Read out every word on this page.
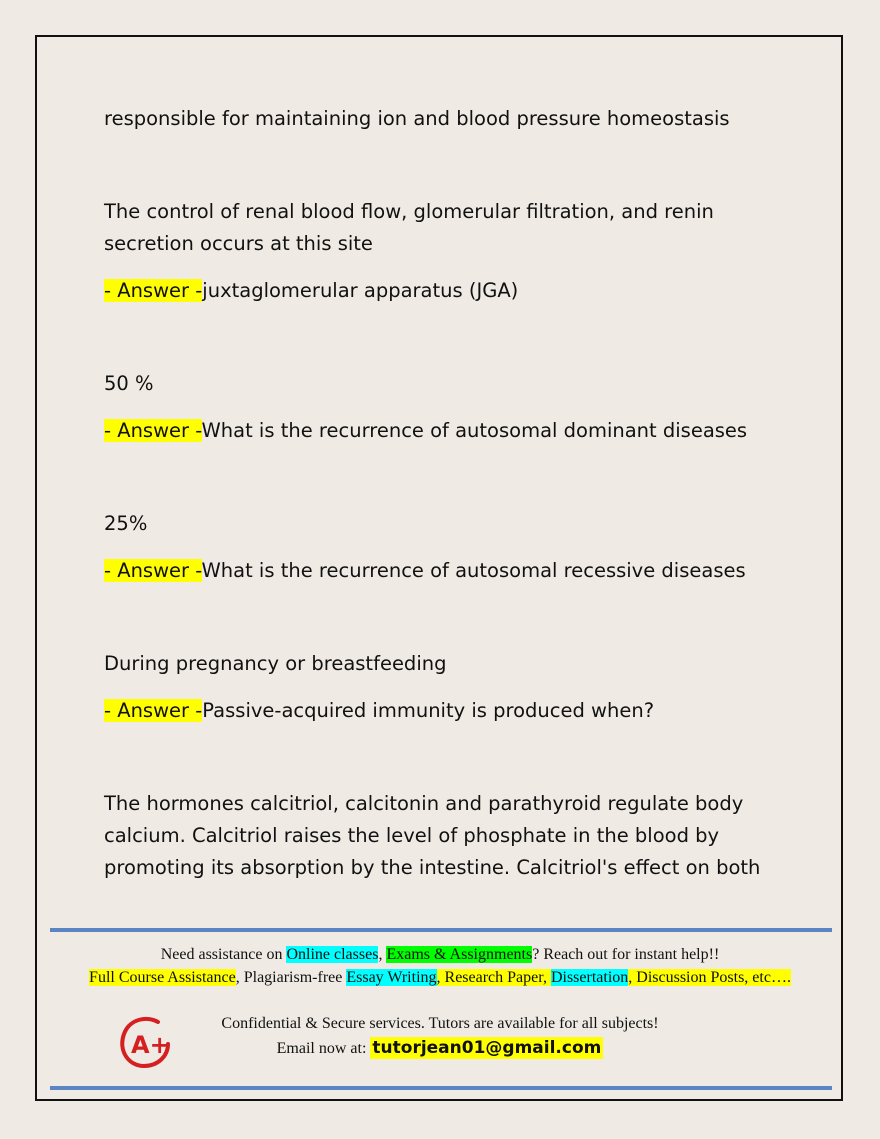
responsible for maintaining ion and blood pressure homeostasis
The control of renal blood flow, glomerular filtration, and renin
secretion occurs at this site
- Answer -juxtaglomerular apparatus (JGA)
50 %
- Answer -What is the recurrence of autosomal dominant diseases
25%
- Answer -What is the recurrence of autosomal recessive diseases
During pregnancy or breastfeeding
- Answer -Passive-acquired immunity is produced when?
The hormones calcitriol, calcitonin and parathyroid regulate body
calcium. Calcitriol raises the level of phosphate in the blood by
promoting its absorption by the intestine. Calcitriol's effect on both
Need assistance on Online classes, Exams & Assignments? Reach out for instant help!!
Full Course Assistance, Plagiarism-free Essay Writing, Research Paper, Dissertation, Discussion Posts, etc….
A+
Confidential & Secure services. Tutors are available for all subjects!
Email now at: tutorjean01@gmail.com
